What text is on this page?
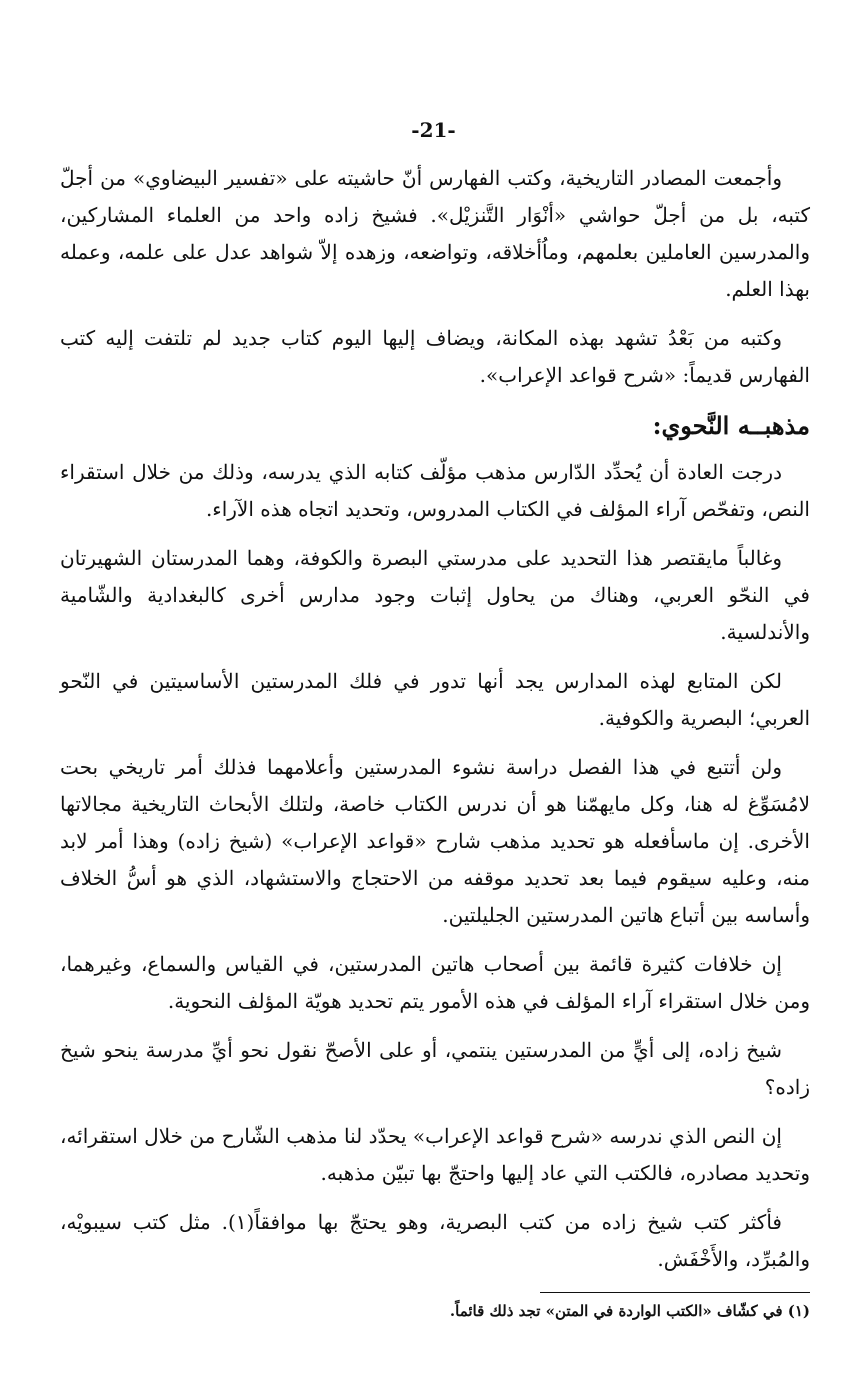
-21-

وأجمعت المصادر التاريخية، وكتب الفهارس أنّ حاشيته على «تفسير البيضاوي» من أجلّ كتبه، بل من أجلّ حواشي «أنْوَار التَّنزيْل». فشيخ زاده واحد من العلماء المشاركين، والمدرسين العاملين بعلمهم، وماُأخلاقه، وتواضعه، وزهده إلاّ شواهد عدل على علمه، وعمله بهذا العلم.

وكتبه من بَعْدُ تشهد بهذه المكانة، ويضاف إليها اليوم كتاب جديد لم تلتفت إليه كتب الفهارس قديماً: «شرح قواعد الإعراب».

مذهبــه النَّحوي:

درجت العادة أن يُحدِّد الدّارس مذهب مؤلّف كتابه الذي يدرسه، وذلك من خلال استقراء النص، وتفحّص آراء المؤلف في الكتاب المدروس، وتحديد اتجاه هذه الآراء.

وغالباً مايقتصر هذا التحديد على مدرستي البصرة والكوفة، وهما المدرستان الشهيرتان في النحّو العربي، وهناك من يحاول إثبات وجود مدارس أخرى كالبغدادية والشّامية والأندلسية.

لكن المتابع لهذه المدارس يجد أنها تدور في فلك المدرستين الأساسيتين في النّحو العربي؛ البصرية والكوفية.

ولن أتتبع في هذا الفصل دراسة نشوء المدرستين وأعلامهما فذلك أمر تاريخي بحت لامُسَوِّغ له هنا، وكل مايهمّنا هو أن ندرس الكتاب خاصة، ولتلك الأبحاث التاريخية مجالاتها الأخرى. إن ماسأفعله هو تحديد مذهب شارح «قواعد الإعراب» (شيخ زاده) وهذا أمر لابد منه، وعليه سيقوم فيما بعد تحديد موقفه من الاحتجاج والاستشهاد، الذي هو أسُّ الخلاف وأساسه بين أتباع هاتين المدرستين الجليلتين.

إن خلافات كثيرة قائمة بين أصحاب هاتين المدرستين، في القياس والسماع، وغيرهما، ومن خلال استقراء آراء المؤلف في هذه الأمور يتم تحديد هويّة المؤلف النحوية.

شيخ زاده، إلى أيٍّ من المدرستين ينتمي، أو على الأصحّ نقول نحو أيِّ مدرسة ينحو شيخ زاده؟

إن النص الذي ندرسه «شرح قواعد الإعراب» يحدّد لنا مذهب الشّارح من خلال استقرائه، وتحديد مصادره، فالكتب التي عاد إليها واحتجّ بها تبيّن مذهبه.

فأكثر كتب شيخ زاده من كتب البصرية، وهو يحتجّ بها موافقاً(١). مثل كتب سيبويْه، والمُبرِّد، والأَخْفَش.

(١) في كشّاف «الكتب الواردة في المتن» تجد ذلك قائماً.
